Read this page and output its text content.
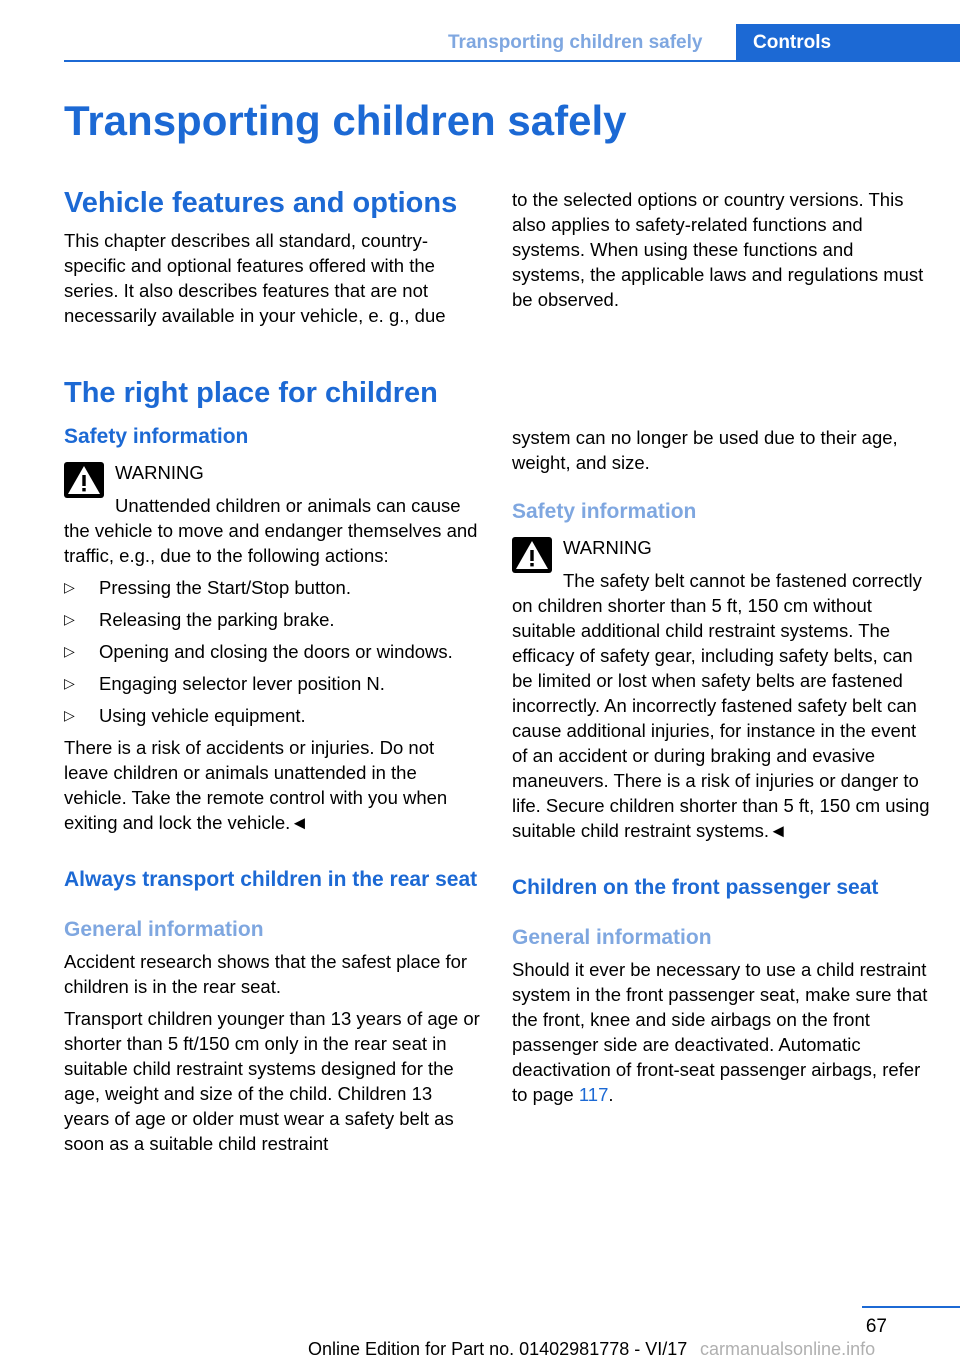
Transporting children safely	Controls
Transporting children safely
Vehicle features and options

This chapter describes all standard, country-specific and optional features offered with the series. It also describes features that are not necessarily available in your vehicle, e. g., due

to the selected options or country versions. This also applies to safety-related functions and systems. When using these functions and systems, the applicable laws and regulations must be observed.

The right place for children

Safety information

WARNING

Unattended children or animals can cause the vehicle to move and endanger themselves and traffic, e.g., due to the following actions:

▷ Pressing the Start/Stop button.
▷ Releasing the parking brake.
▷ Opening and closing the doors or windows.
▷ Engaging selector lever position N.
▷ Using vehicle equipment.

There is a risk of accidents or injuries. Do not leave children or animals unattended in the vehicle. Take the remote control with you when exiting and lock the vehicle.◄

Always transport children in the rear seat

General information

Accident research shows that the safest place for children is in the rear seat.

Transport children younger than 13 years of age or shorter than 5 ft/150 cm only in the rear seat in suitable child restraint systems designed for the age, weight and size of the child. Children 13 years of age or older must wear a safety belt as soon as a suitable child restraint

system can no longer be used due to their age, weight, and size.

Safety information

WARNING

The safety belt cannot be fastened correctly on children shorter than 5 ft, 150 cm without suitable additional child restraint systems. The efficacy of safety gear, including safety belts, can be limited or lost when safety belts are fastened incorrectly. An incorrectly fastened safety belt can cause additional injuries, for instance in the event of an accident or during braking and evasive maneuvers. There is a risk of injuries or danger to life. Secure children shorter than 5 ft, 150 cm using suitable child restraint systems.◄

Children on the front passenger seat

General information

Should it ever be necessary to use a child restraint system in the front passenger seat, make sure that the front, knee and side airbags on the front passenger side are deactivated. Automatic deactivation of front-seat passenger airbags, refer to page 117.

67
Online Edition for Part no. 01402981778 - VI/17 carmanualsonline.info
